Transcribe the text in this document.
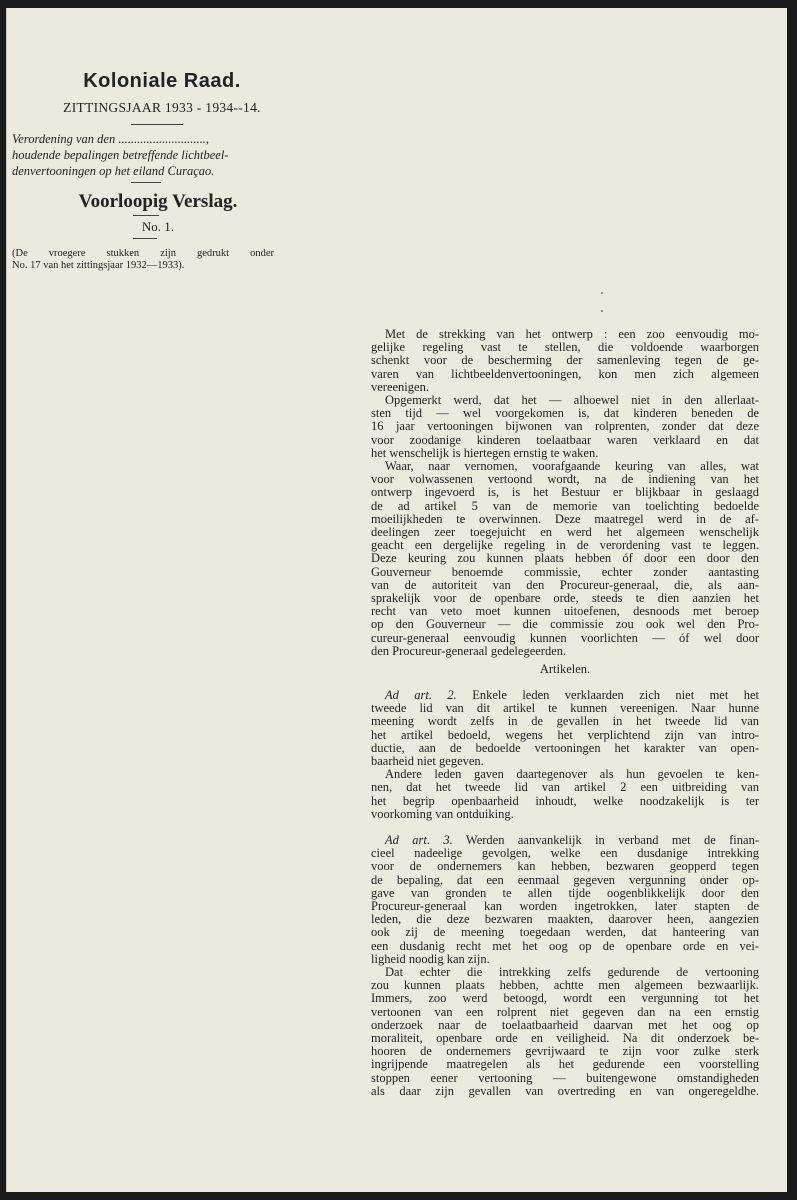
Koloniale Raad.
ZITTINGSJAAR 1933 - 1934--14.
Verordening van den ............................,
houdende bepalingen betreffende lichtbeel-
denvertooningen op het eiland Curaçao.
Voorloopig Verslag.
No. 1.
(De vroegere stukken zijn gedrukt onder
No. 17 van het zittingsjaar 1932—1933).

Met de strekking van het ontwerp : een zoo eenvoudig mo-
gelijke regeling vast te stellen, die voldoende waarborgen
schenkt voor de bescherming der samenleving tegen de ge-
varen van lichtbeeldenvertooningen, kon men zich algemeen
vereenigen.

Opgemerkt werd, dat het — alhoewel niet in den allerlaat-
sten tijd — wel voorgekomen is, dat kinderen beneden de
16 jaar vertooningen bijwonen van rolprenten, zonder dat deze
voor zoodanige kinderen toelaatbaar waren verklaard en dat
het wenschelijk is hiertegen ernstig te waken.

Waar, naar vernomen, voorafgaande keuring van alles, wat
voor volwassenen vertoond wordt, na de indiening van het
ontwerp ingevoerd is, is het Bestuur er blijkbaar in geslaagd
de ad artikel 5 van de memorie van toelichting bedoelde
moeilijkheden te overwinnen. Deze maatregel werd in de af-
deelingen zeer toegejuicht en werd het algemeen wenschelijk
geacht een dergelijke regeling in de verordening vast te leggen.
Deze keuring zou kunnen plaats hebben óf door een door den
Gouverneur benoemde commissie, echter zonder aantasting
van de autoriteit van den Procureur-generaal, die, als aan-
sprakelijk voor de openbare orde, steeds te dien aanzien het
recht van veto moet kunnen uitoefenen, desnoods met beroep
op den Gouverneur — die commissie zou ook wel den Pro-
cureur-generaal eenvoudig kunnen voorlichten — óf wel door
den Procureur-generaal gedelegeerden.

Artikelen.

Ad art. 2. Enkele leden verklaarden zich niet met het
tweede lid van dit artikel te kunnen vereenigen. Naar hunne
meening wordt zelfs in de gevallen in het tweede lid van
het artikel bedoeld, wegens het verplichtend zijn van intro-
ductie, aan de bedoelde vertooningen het karakter van open-
baarheid niet gegeven.

Andere leden gaven daartegenover als hun gevoelen te ken-
nen, dat het tweede lid van artikel 2 een uitbreiding van
het begrip openbaarheid inhoudt, welke noodzakelijk is ter
voorkoming van ontduiking.

Ad art. 3. Werden aanvankelijk in verband met de finan-
cieel nadeelige gevolgen, welke een dusdanige intrekking
voor de ondernemers kan hebben, bezwaren geopperd tegen
de bepaling, dat een eenmaal gegeven vergunning onder op-
gave van gronden te allen tijde oogenblikkelijk door den
Procureur-generaal kan worden ingetrokken, later stapten de
leden, die deze bezwaren maakten, daarover heen, aangezien
ook zij de meening toegedaan werden, dat hanteering van
een dusdanig recht met het oog op de openbare orde en vei-
ligheid noodig kan zijn.

Dat echter die intrekking zelfs gedurende de vertooning
zou kunnen plaats hebben, achtte men algemeen bezwaarlijk.
Immers, zoo werd betoogd, wordt een vergunning tot het
vertoonen van een rolprent niet gegeven dan na een ernstig
onderzoek naar de toelaatbaarheid daarvan met het oog op
moraliteit, openbare orde en veiligheid. Na dit onderzoek be-
hooren de ondernemers gevrijwaard te zijn voor zulke sterk
ingrijpende maatregelen als het gedurende een voorstelling
stoppen eener vertooning — buitengewone omstandigheden
als daar zijn gevallen van overtreding en van ongeregeldhe.
